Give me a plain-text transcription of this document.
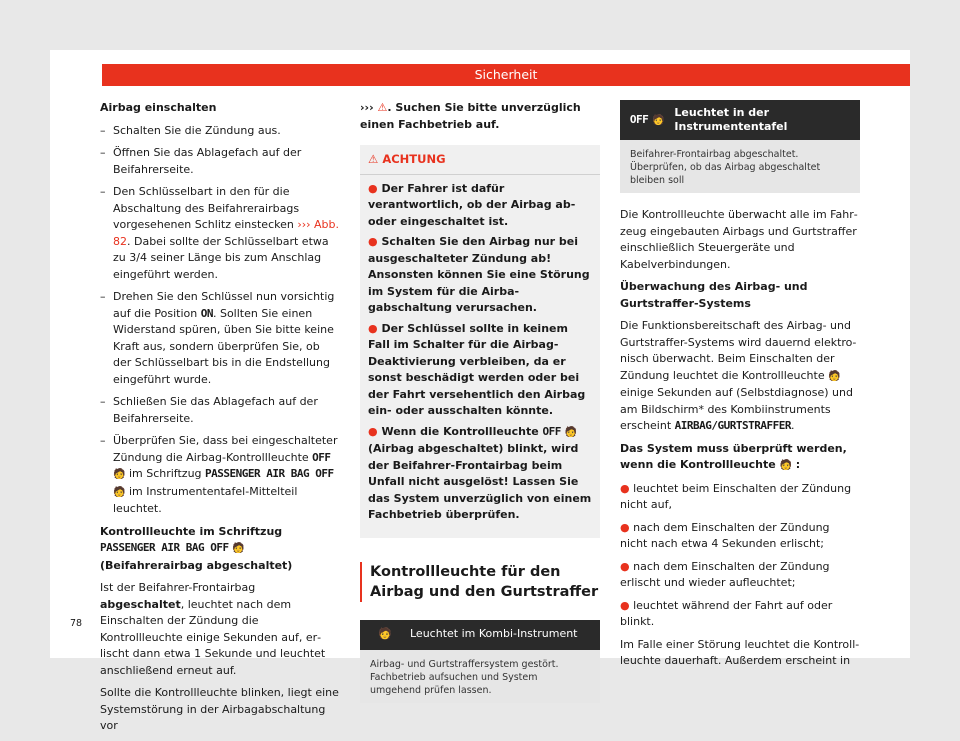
Sicherheit
Airbag einschalten
– Schalten Sie die Zündung aus.
– Öffnen Sie das Ablagefach auf der Beifahrerseite.
– Den Schlüsselbart in den für die Abschaltung des Beifahrerairbags vorgesehenen Schlitz einstecken ››› Abb. 82. Dabei sollte der Schlüsselbart etwa zu 3/4 seiner Länge bis zum Anschlag eingeführt werden.
– Drehen Sie den Schlüssel nun vorsichtig auf die Position ON. Sollten Sie einen Widerstand spüren, üben Sie bitte keine Kraft aus, sondern überprüfen Sie, ob der Schlüsselbart bis in die Endstellung eingeführt wurde.
– Schließen Sie das Ablagefach auf der Beifahrerseite.
– Überprüfen Sie, dass bei eingeschalteter Zündung die Airbag-Kontrollleuchte OFF 🧑 im Schriftzug PASSENGER AIR BAG OFF 🧑 im Instrumententafel-Mittelteil leuchtet.
Kontrollleuchte im Schriftzug PASSENGER AIR BAG OFF 🧑 (Beifahrerairbag abgeschaltet)
Ist der Beifahrer-Frontairbag abgeschaltet, leuchtet nach dem Einschalten der Zündung die Kontrollleuchte einige Sekunden auf, erlischt dann etwa 1 Sekunde und leuchtet anschließend erneut auf.
Sollte die Kontrollleuchte blinken, liegt eine Systemstörung in der Airbagabschaltung vor
››› ⚠. Suchen Sie bitte unverzüglich einen Fachbetrieb auf.
⚠ ACHTUNG
● Der Fahrer ist dafür verantwortlich, ob der Airbag ab- oder eingeschaltet ist.
● Schalten Sie den Airbag nur bei ausgeschalteter Zündung ab! Ansonsten können Sie eine Störung im System für die Airbagabschaltung verursachen.
● Der Schlüssel sollte in keinem Fall im Schalter für die Airbag-Deaktivierung verbleiben, da er sonst beschädigt werden oder bei der Fahrt versehentlich den Airbag ein- oder ausschalten könnte.
● Wenn die Kontrollleuchte OFF 🧑 (Airbag abgeschaltet) blinkt, wird der Beifahrer-Frontairbag beim Unfall nicht ausgelöst! Lassen Sie das System unverzüglich von einem Fachbetrieb überprüfen.
Kontrollleuchte für den Airbag und den Gurtstraffer
🧑	Leuchtet im Kombi-Instrument
Airbag- und Gurtstraffersystem gestört. Fachbetrieb aufsuchen und System umgehend prüfen lassen.
OFF 🧑
Leuchtet in der Instrumententafel
Beifahrer-Frontairbag abgeschaltet. Überprüfen, ob das Airbag abgeschaltet bleiben soll
Die Kontrollleuchte überwacht alle im Fahrzeug eingebauten Airbags und Gurtstraffer einschließlich Steuergeräte und Kabelverbindungen.
Überwachung des Airbag- und Gurtstraffer-Systems
Die Funktionsbereitschaft des Airbag- und Gurtstraffer-Systems wird dauernd elektronisch überwacht. Beim Einschalten der Zündung leuchtet die Kontrollleuchte 🧑 einige Sekunden auf (Selbstdiagnose) und am Bildschirm* des Kombiinstruments erscheint AIRBAG/GURTSTRAFFER.
Das System muss überprüft werden, wenn die Kontrollleuchte 🧑 :
● leuchtet beim Einschalten der Zündung nicht auf,
● nach dem Einschalten der Zündung nicht nach etwa 4 Sekunden erlischt;
● nach dem Einschalten der Zündung erlischt und wieder aufleuchtet;
● leuchtet während der Fahrt auf oder blinkt.
Im Falle einer Störung leuchtet die Kontrollleuchte dauerhaft. Außerdem erscheint in
78
